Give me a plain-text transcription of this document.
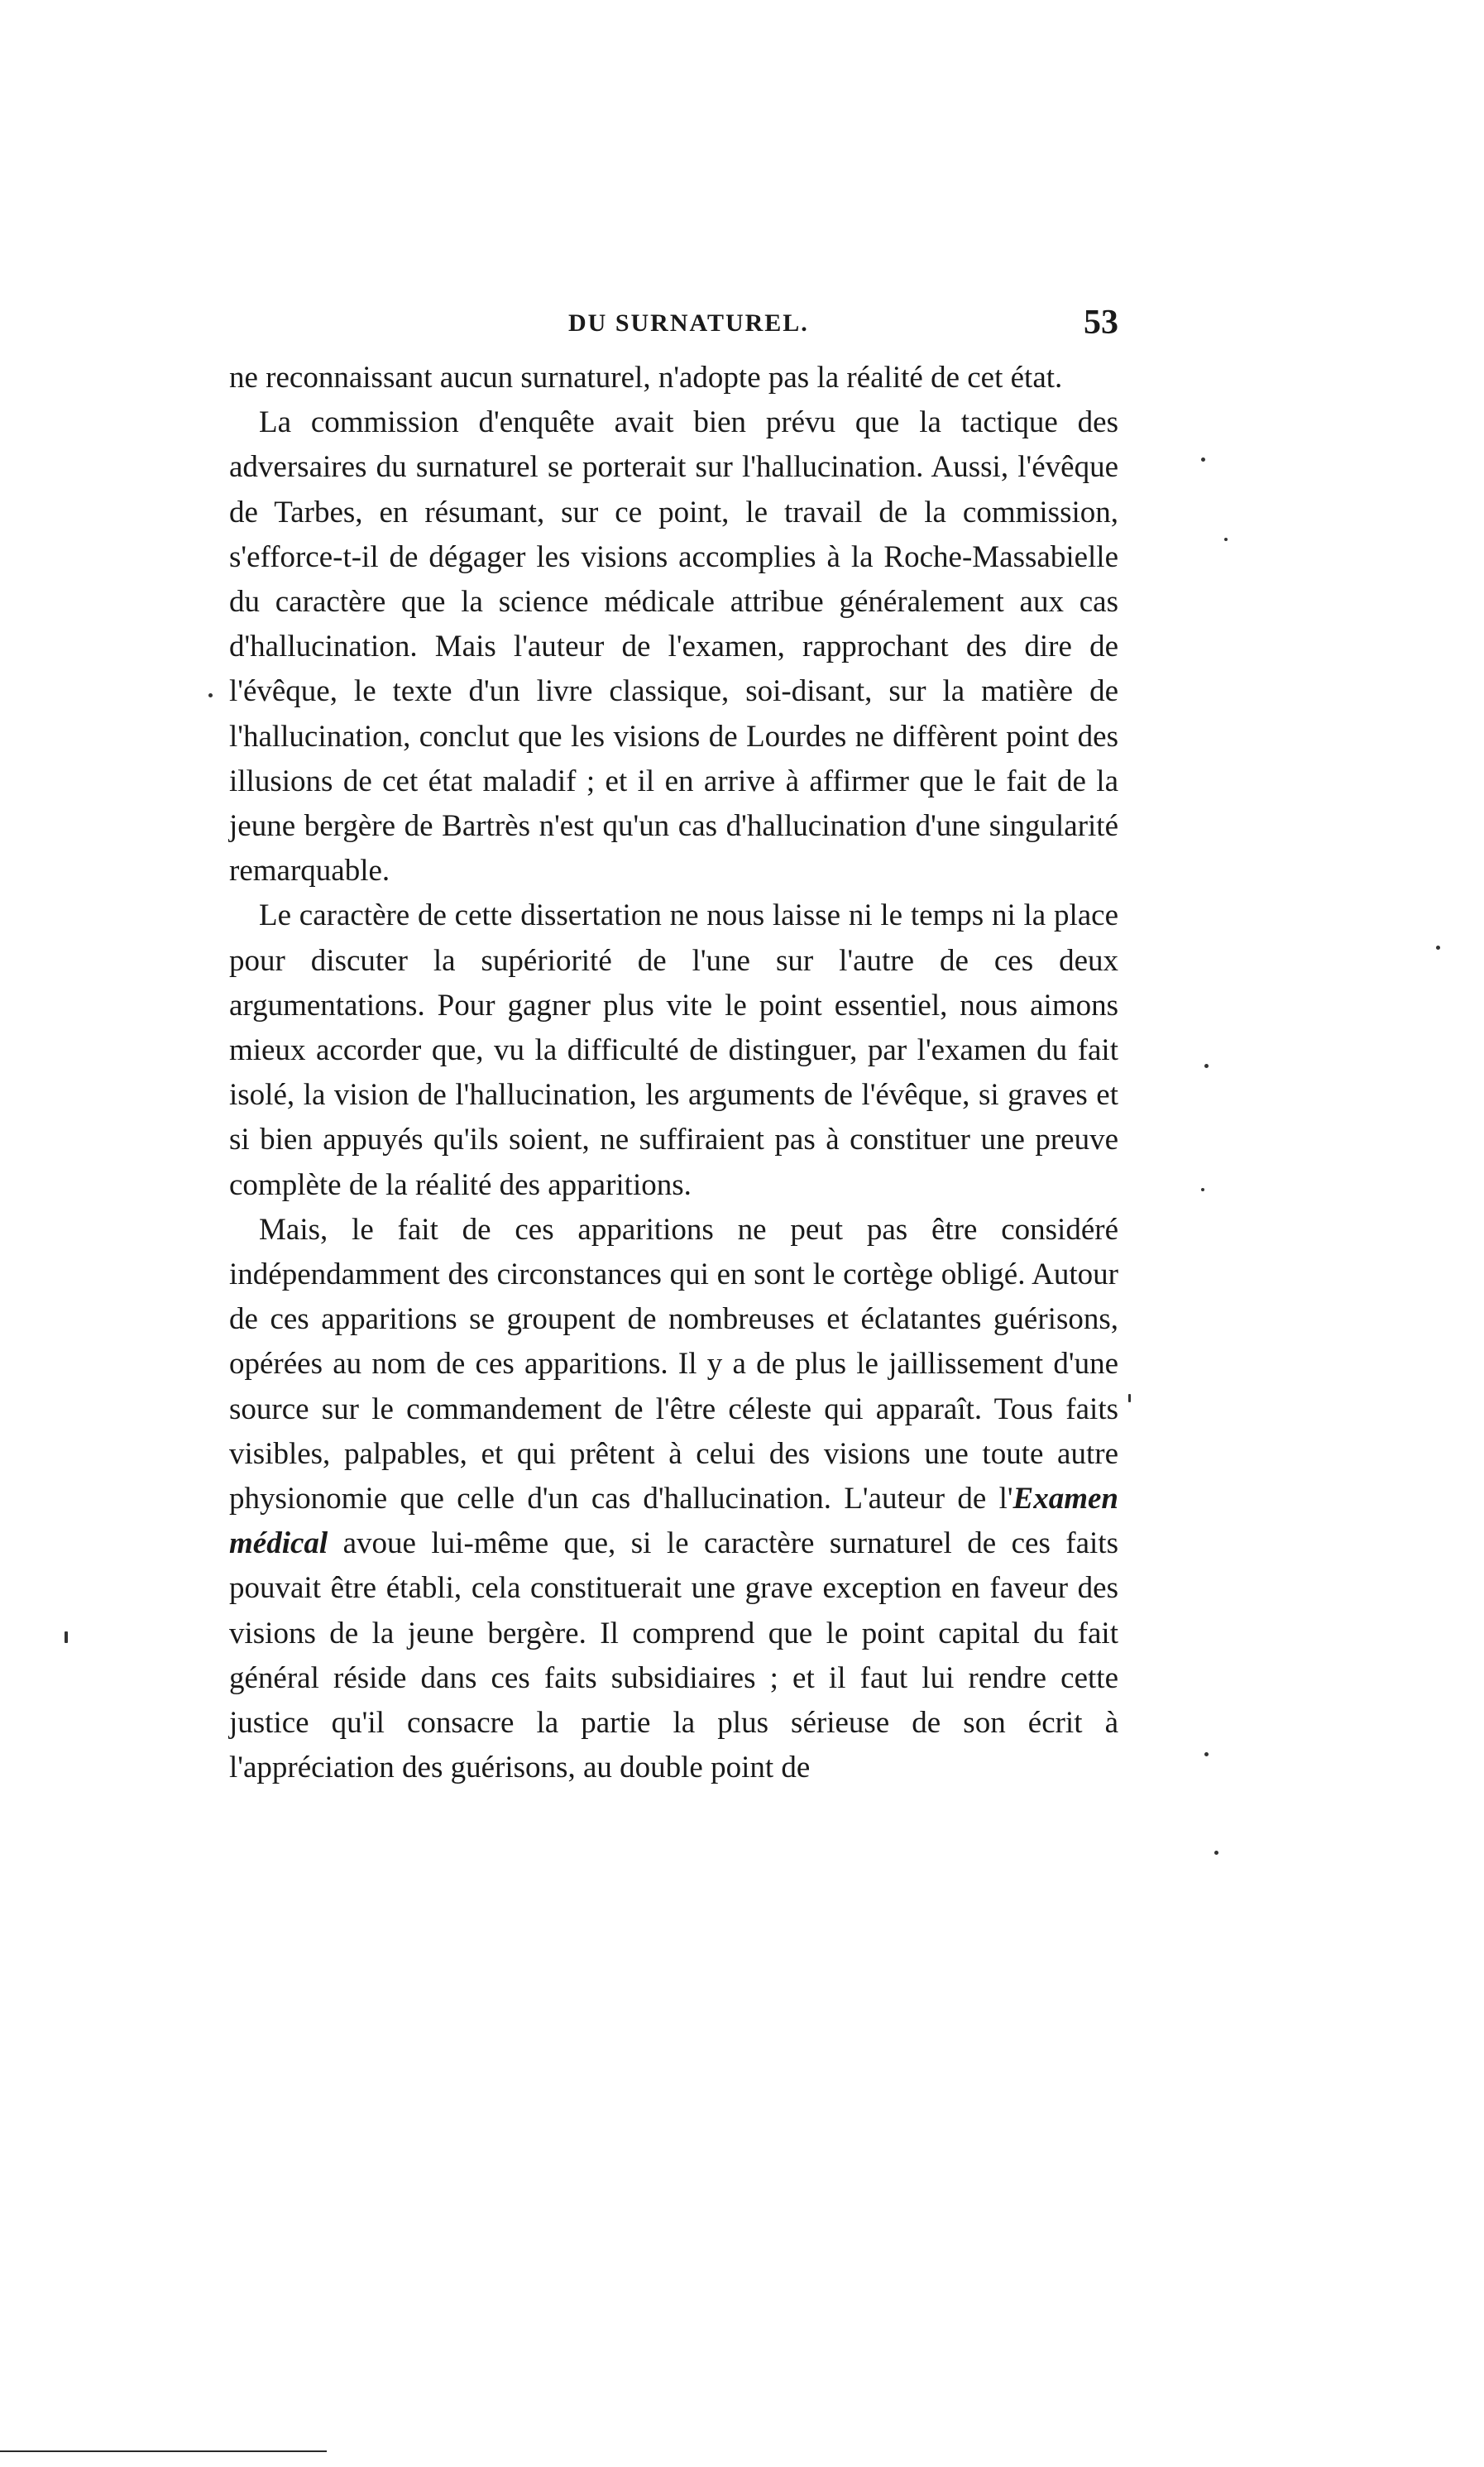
DU SURNATUREL.	53

ne reconnaissant aucun surnaturel, n'adopte pas la réalité de cet état.

La commission d'enquête avait bien prévu que la tactique des adversaires du surnaturel se porterait sur l'hallucination. Aussi, l'évêque de Tarbes, en résumant, sur ce point, le travail de la commission, s'efforce-t-il de dégager les visions accomplies à la Roche-Massabielle du caractère que la science médicale attribue généralement aux cas d'hallucination. Mais l'auteur de l'examen, rapprochant des dire de l'évêque, le texte d'un livre classique, soi-disant, sur la matière de l'hallucination, conclut que les visions de Lourdes ne diffèrent point des illusions de cet état maladif ; et il en arrive à affirmer que le fait de la jeune bergère de Bartrès n'est qu'un cas d'hallucination d'une singularité remarquable.

Le caractère de cette dissertation ne nous laisse ni le temps ni la place pour discuter la supériorité de l'une sur l'autre de ces deux argumentations. Pour gagner plus vite le point essentiel, nous aimons mieux accorder que, vu la difficulté de distinguer, par l'examen du fait isolé, la vision de l'hallucination, les arguments de l'évêque, si graves et si bien appuyés qu'ils soient, ne suffiraient pas à constituer une preuve complète de la réalité des apparitions.

Mais, le fait de ces apparitions ne peut pas être considéré indépendamment des circonstances qui en sont le cortège obligé. Autour de ces apparitions se groupent de nombreuses et éclatantes guérisons, opérées au nom de ces apparitions. Il y a de plus le jaillissement d'une source sur le commandement de l'être céleste qui apparaît. Tous faits visibles, palpables, et qui prêtent à celui des visions une toute autre physionomie que celle d'un cas d'hallucination. L'auteur de l'Examen médical avoue lui-même que, si le caractère surnaturel de ces faits pouvait être établi, cela constituerait une grave exception en faveur des visions de la jeune bergère. Il comprend que le point capital du fait général réside dans ces faits subsidiaires ; et il faut lui rendre cette justice qu'il consacre la partie la plus sérieuse de son écrit à l'appréciation des guérisons, au double point de
